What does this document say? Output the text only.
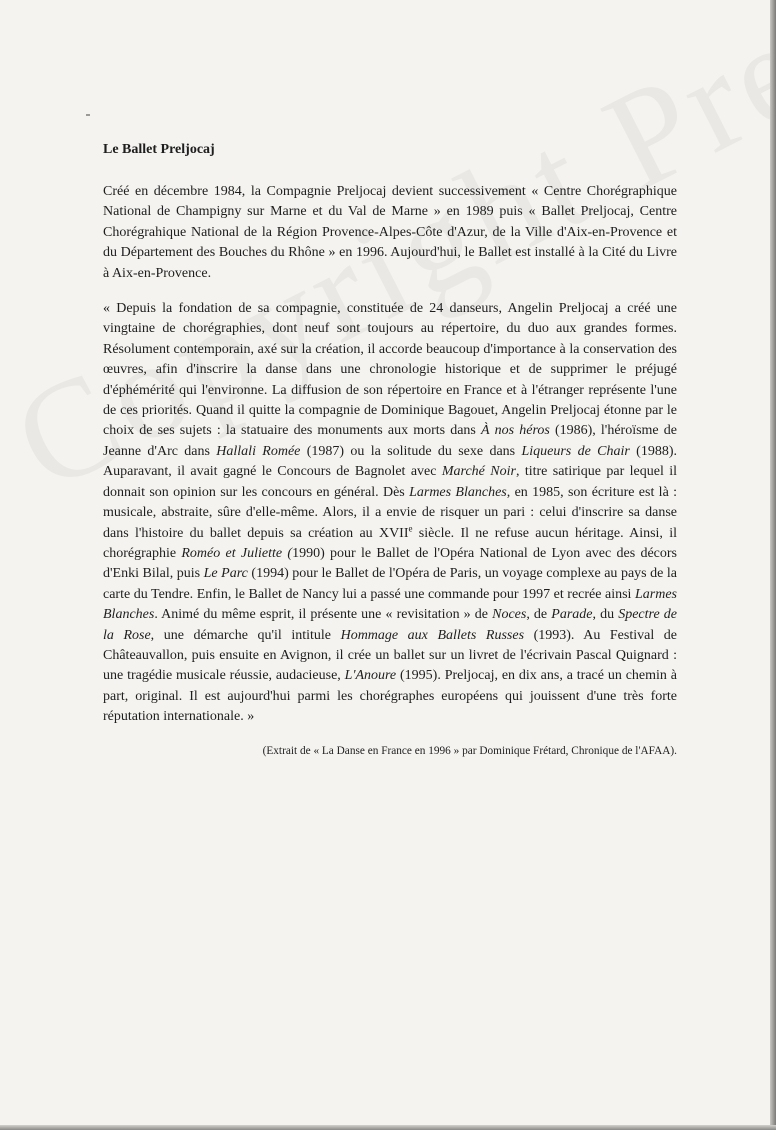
Le Ballet Preljocaj

Créé en décembre 1984, la Compagnie Preljocaj devient successivement « Centre Chorégraphique National de Champigny sur Marne et du Val de Marne » en 1989 puis « Ballet Preljocaj, Centre Chorégrahique National de la Région Provence-Alpes-Côte d'Azur, de la Ville d'Aix-en-Provence et du Département des Bouches du Rhône » en 1996. Aujourd'hui, le Ballet est installé à la Cité du Livre à Aix-en-Provence.

« Depuis la fondation de sa compagnie, constituée de 24 danseurs, Angelin Preljocaj a créé une vingtaine de chorégraphies, dont neuf sont toujours au répertoire, du duo aux grandes formes. Résolument contemporain, axé sur la création, il accorde beaucoup d'importance à la conservation des œuvres, afin d'inscrire la danse dans une chronologie historique et de supprimer le préjugé d'éphémérité qui l'environne. La diffusion de son répertoire en France et à l'étranger représente l'une de ces priorités. Quand il quitte la compagnie de Dominique Bagouet, Angelin Preljocaj étonne par le choix de ses sujets : la statuaire des monuments aux morts dans À nos héros (1986), l'héroïsme de Jeanne d'Arc dans Hallali Romée (1987) ou la solitude du sexe dans Liqueurs de Chair (1988). Auparavant, il avait gagné le Concours de Bagnolet avec Marché Noir, titre satirique par lequel il donnait son opinion sur les concours en général. Dès Larmes Blanches, en 1985, son écriture est là : musicale, abstraite, sûre d'elle-même. Alors, il a envie de risquer un pari : celui d'inscrire sa danse dans l'histoire du ballet depuis sa création au XVIIe siècle. Il ne refuse aucun héritage. Ainsi, il chorégraphie Roméo et Juliette (1990) pour le Ballet de l'Opéra National de Lyon avec des décors d'Enki Bilal, puis Le Parc (1994) pour le Ballet de l'Opéra de Paris, un voyage complexe au pays de la carte du Tendre. Enfin, le Ballet de Nancy lui a passé une commande pour 1997 et recrée ainsi Larmes Blanches. Animé du même esprit, il présente une « revisitation » de Noces, de Parade, du Spectre de la Rose, une démarche qu'il intitule Hommage aux Ballets Russes (1993). Au Festival de Châteauvallon, puis ensuite en Avignon, il crée un ballet sur un livret de l'écrivain Pascal Quignard : une tragédie musicale réussie, audacieuse, L'Anoure (1995). Preljocaj, en dix ans, a tracé un chemin à part, original. Il est aujourd'hui parmi les chorégraphes européens qui jouissent d'une très forte réputation internationale. »

(Extrait de « La Danse en France en 1996 » par Dominique Frétard, Chronique de l'AFAA).
